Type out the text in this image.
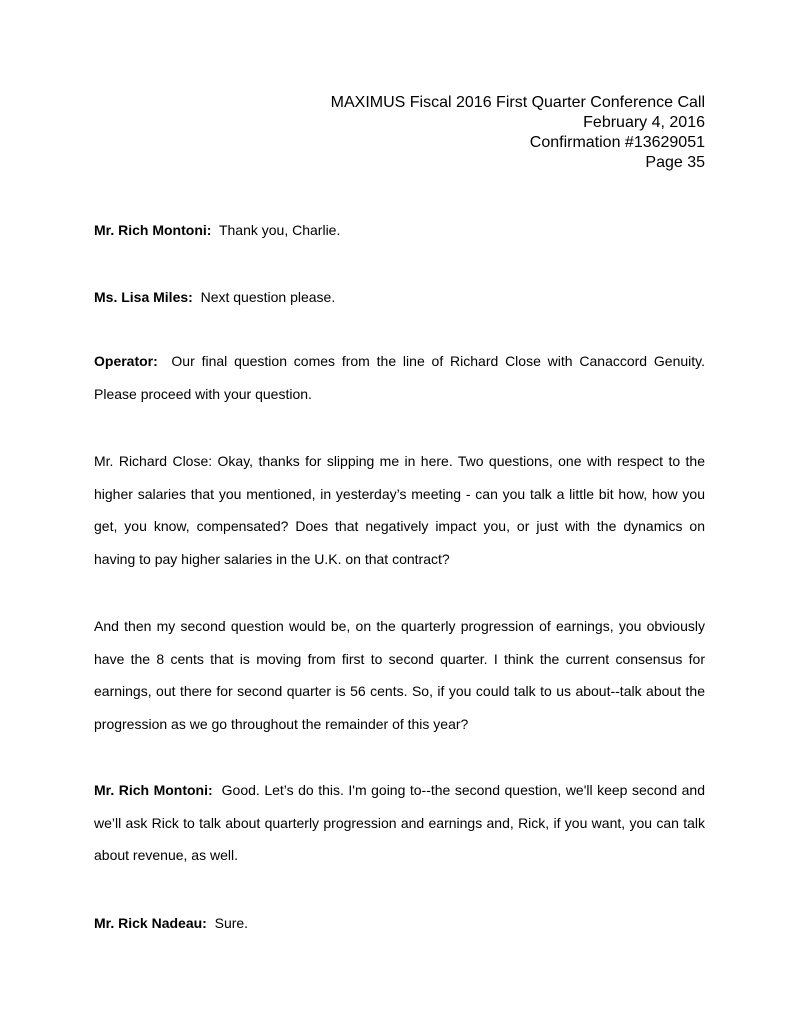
MAXIMUS Fiscal 2016 First Quarter Conference Call
February 4, 2016
Confirmation #13629051
Page 35
Mr. Rich Montoni: Thank you, Charlie.
Ms. Lisa Miles: Next question please.
Operator: Our final question comes from the line of Richard Close with Canaccord Genuity. Please proceed with your question.
Mr. Richard Close: Okay, thanks for slipping me in here. Two questions, one with respect to the higher salaries that you mentioned, in yesterday’s meeting - can you talk a little bit how, how you get, you know, compensated? Does that negatively impact you, or just with the dynamics on having to pay higher salaries in the U.K. on that contract?
And then my second question would be, on the quarterly progression of earnings, you obviously have the 8 cents that is moving from first to second quarter. I think the current consensus for earnings, out there for second quarter is 56 cents. So, if you could talk to us about--talk about the progression as we go throughout the remainder of this year?
Mr. Rich Montoni: Good. Let’s do this. I'm going to--the second question, we'll keep second and we’ll ask Rick to talk about quarterly progression and earnings and, Rick, if you want, you can talk about revenue, as well.
Mr. Rick Nadeau: Sure.
